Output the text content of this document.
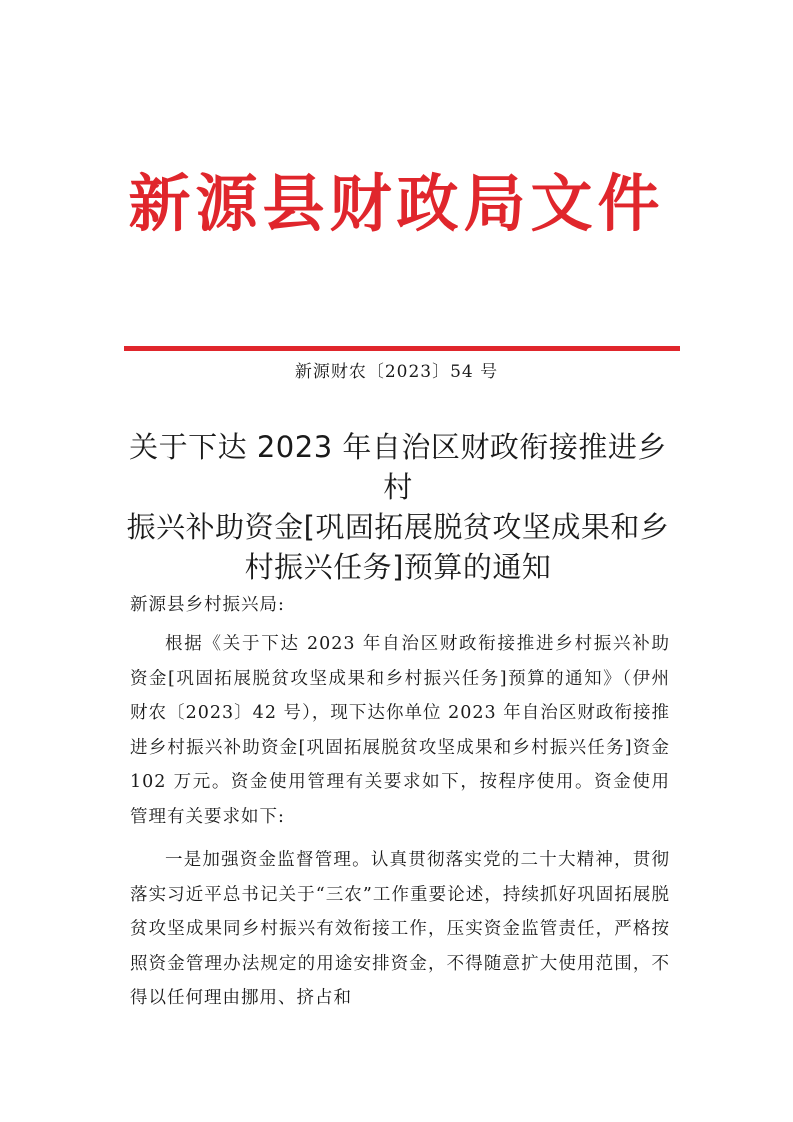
新源县财政局文件
新源财农〔2023〕54 号
关于下达 2023 年自治区财政衔接推进乡村
振兴补助资金[巩固拓展脱贫攻坚成果和乡
村振兴任务]预算的通知
新源县乡村振兴局:

根据《关于下达 2023 年自治区财政衔接推进乡村振兴补助资金[巩固拓展脱贫攻坚成果和乡村振兴任务]预算的通知》（伊州财农〔2023〕42 号），现下达你单位 2023 年自治区财政衔接推进乡村振兴补助资金[巩固拓展脱贫攻坚成果和乡村振兴任务]资金 102 万元。资金使用管理有关要求如下，按程序使用。资金使用管理有关要求如下:

一是加强资金监督管理。认真贯彻落实党的二十大精神，贯彻落实习近平总书记关于“三农”工作重要论述，持续抓好巩固拓展脱贫攻坚成果同乡村振兴有效衔接工作，压实资金监管责任，严格按照资金管理办法规定的用途安排资金，不得随意扩大使用范围，不得以任何理由挪用、挤占和
